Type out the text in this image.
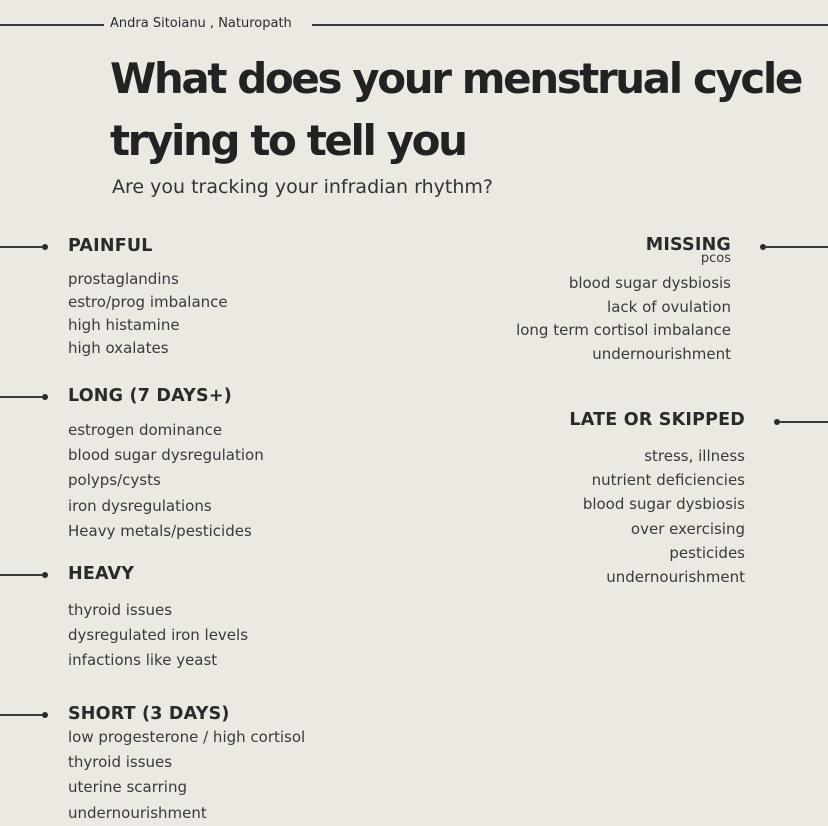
Andra Sitoianu , Naturopath
What does your menstrual cycle trying to tell you
Are you tracking your infradian rhythm?
PAINFUL
prostaglandins
estro/prog imbalance
high histamine
high oxalates
LONG (7 DAYS+)
estrogen dominance
blood sugar dysregulation
polyps/cysts
iron dysregulations
Heavy metals/pesticides
HEAVY
thyroid issues
dysregulated iron levels
infactions like yeast
SHORT (3 DAYS)
low progesterone / high cortisol
thyroid issues
uterine scarring
undernourishment
MISSING
pcos
blood sugar dysbiosis
lack of ovulation
long term cortisol imbalance
undernourishment
LATE OR SKIPPED
stress, illness
nutrient deficiencies
blood sugar dysbiosis
over exercising
pesticides
undernourishment
